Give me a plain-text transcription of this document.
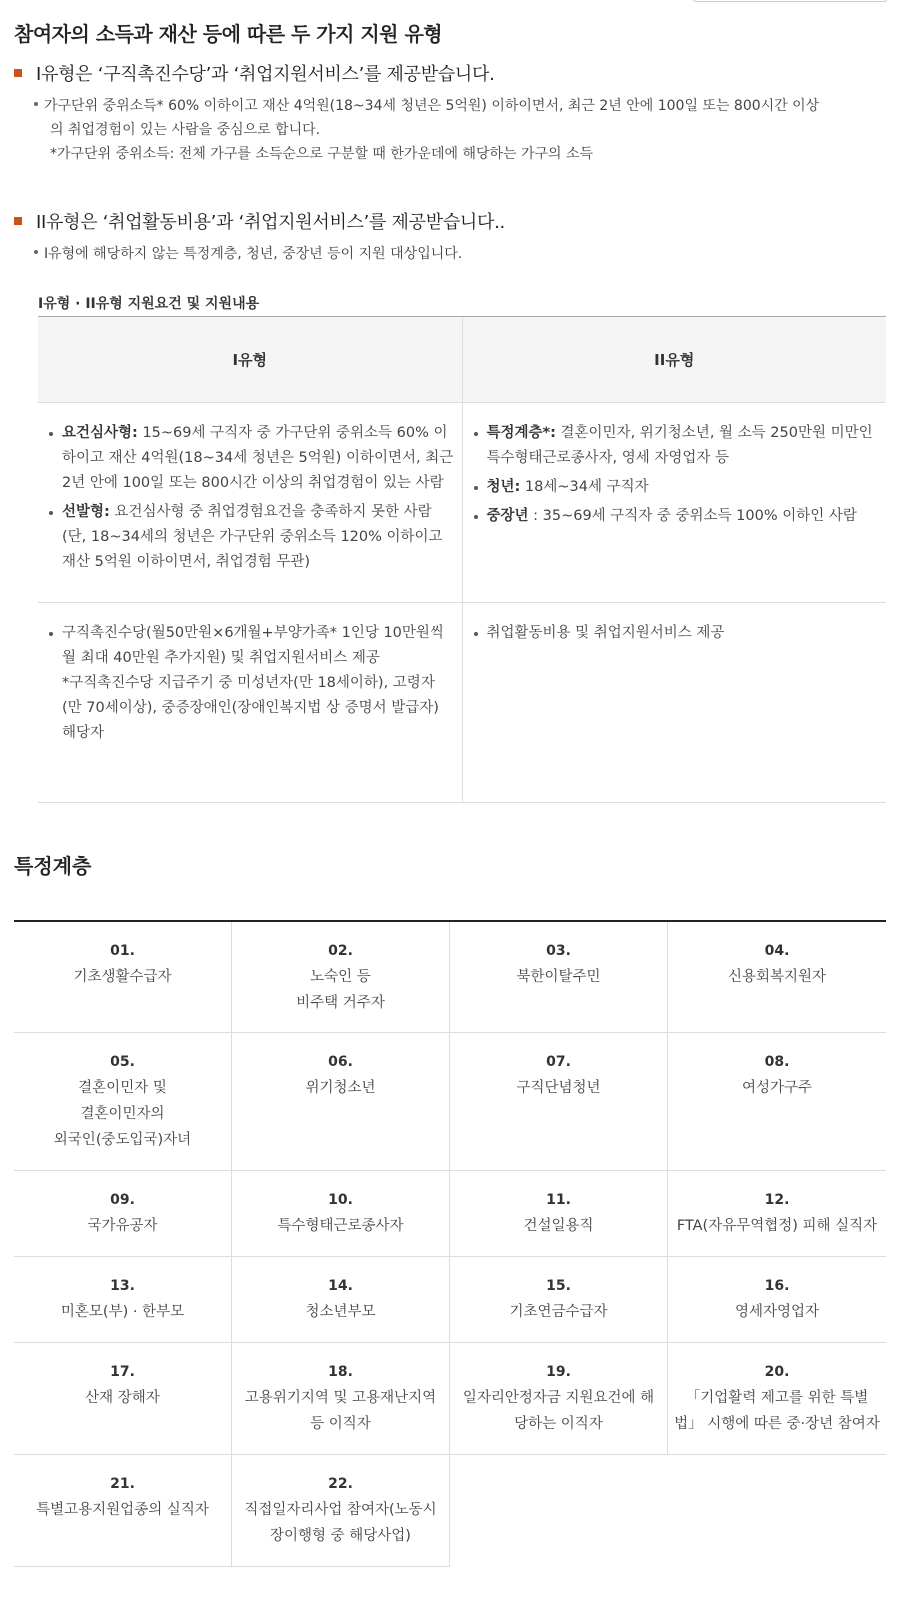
참여자의 소득과 재산 등에 따른 두 가지 지원 유형
I유형은 ‘구직촉진수당’과 ‘취업지원서비스’를 제공받습니다.
가구단위 중위소득* 60% 이하이고 재산 4억원(18~34세 청년은 5억원) 이하이면서, 최근 2년 안에 100일 또는 800시간 이상
의 취업경험이 있는 사람을 중심으로 합니다.
*가구단위 중위소득: 전체 가구를 소득순으로 구분할 때 한가운데에 해당하는 가구의 소득
II유형은 ‘취업활동비용’과 ‘취업지원서비스’를 제공받습니다..
I유형에 해당하지 않는 특정계층, 청년, 중장년 등이 지원 대상입니다.
I유형 · II유형 지원요건 및 지원내용
I유형	II유형
요건심사형: 15~69세 구직자 중 가구단위 중위소득 60% 이하이고 재산 4억원(18~34세 청년은 5억원) 이하이면서, 최근 2년 안에 100일 또는 800시간 이상의 취업경험이 있는 사람
선발형: 요건심사형 중 취업경험요건을 충족하지 못한 사람 (단, 18~34세의 청년은 가구단위 중위소득 120% 이하이고 재산 5억원 이하이면서, 취업경험 무관)
특정계층*: 결혼이민자, 위기청소년, 월 소득 250만원 미만인 특수형태근로종사자, 영세 자영업자 등
청년: 18세~34세 구직자
중장년 : 35~69세 구직자 중 중위소득 100% 이하인 사람
구직촉진수당(월50만원×6개월+부양가족* 1인당 10만원씩 월 최대 40만원 추가지원) 및 취업지원서비스 제공
*구직촉진수당 지급주기 중 미성년자(만 18세이하), 고령자(만 70세이상), 중증장애인(장애인복지법 상 증명서 발급자) 해당자
취업활동비용 및 취업지원서비스 제공
특정계층
01.
기초생활수급자
02.
노숙인 등
비주택 거주자
03.
북한이탈주민
04.
신용회복지원자
05.
결혼이민자 및
결혼이민자의
외국인(중도입국)자녀
06.
위기청소년
07.
구직단념청년
08.
여성가구주
09.
국가유공자
10.
특수형태근로종사자
11.
건설일용직
12.
FTA(자유무역협정) 피해 실직자
13.
미혼모(부) · 한부모
14.
청소년부모
15.
기초연금수급자
16.
영세자영업자
17.
산재 장해자
18.
고용위기지역 및 고용재난지역
등 이직자
19.
일자리안정자금 지원요건에 해
당하는 이직자
20.
「기업활력 제고를 위한 특별
법」 시행에 따른 중·장년 참여자
21.
특별고용지원업종의 실직자
22.
직접일자리사업 참여자(노동시
장이행형 중 해당사업)
